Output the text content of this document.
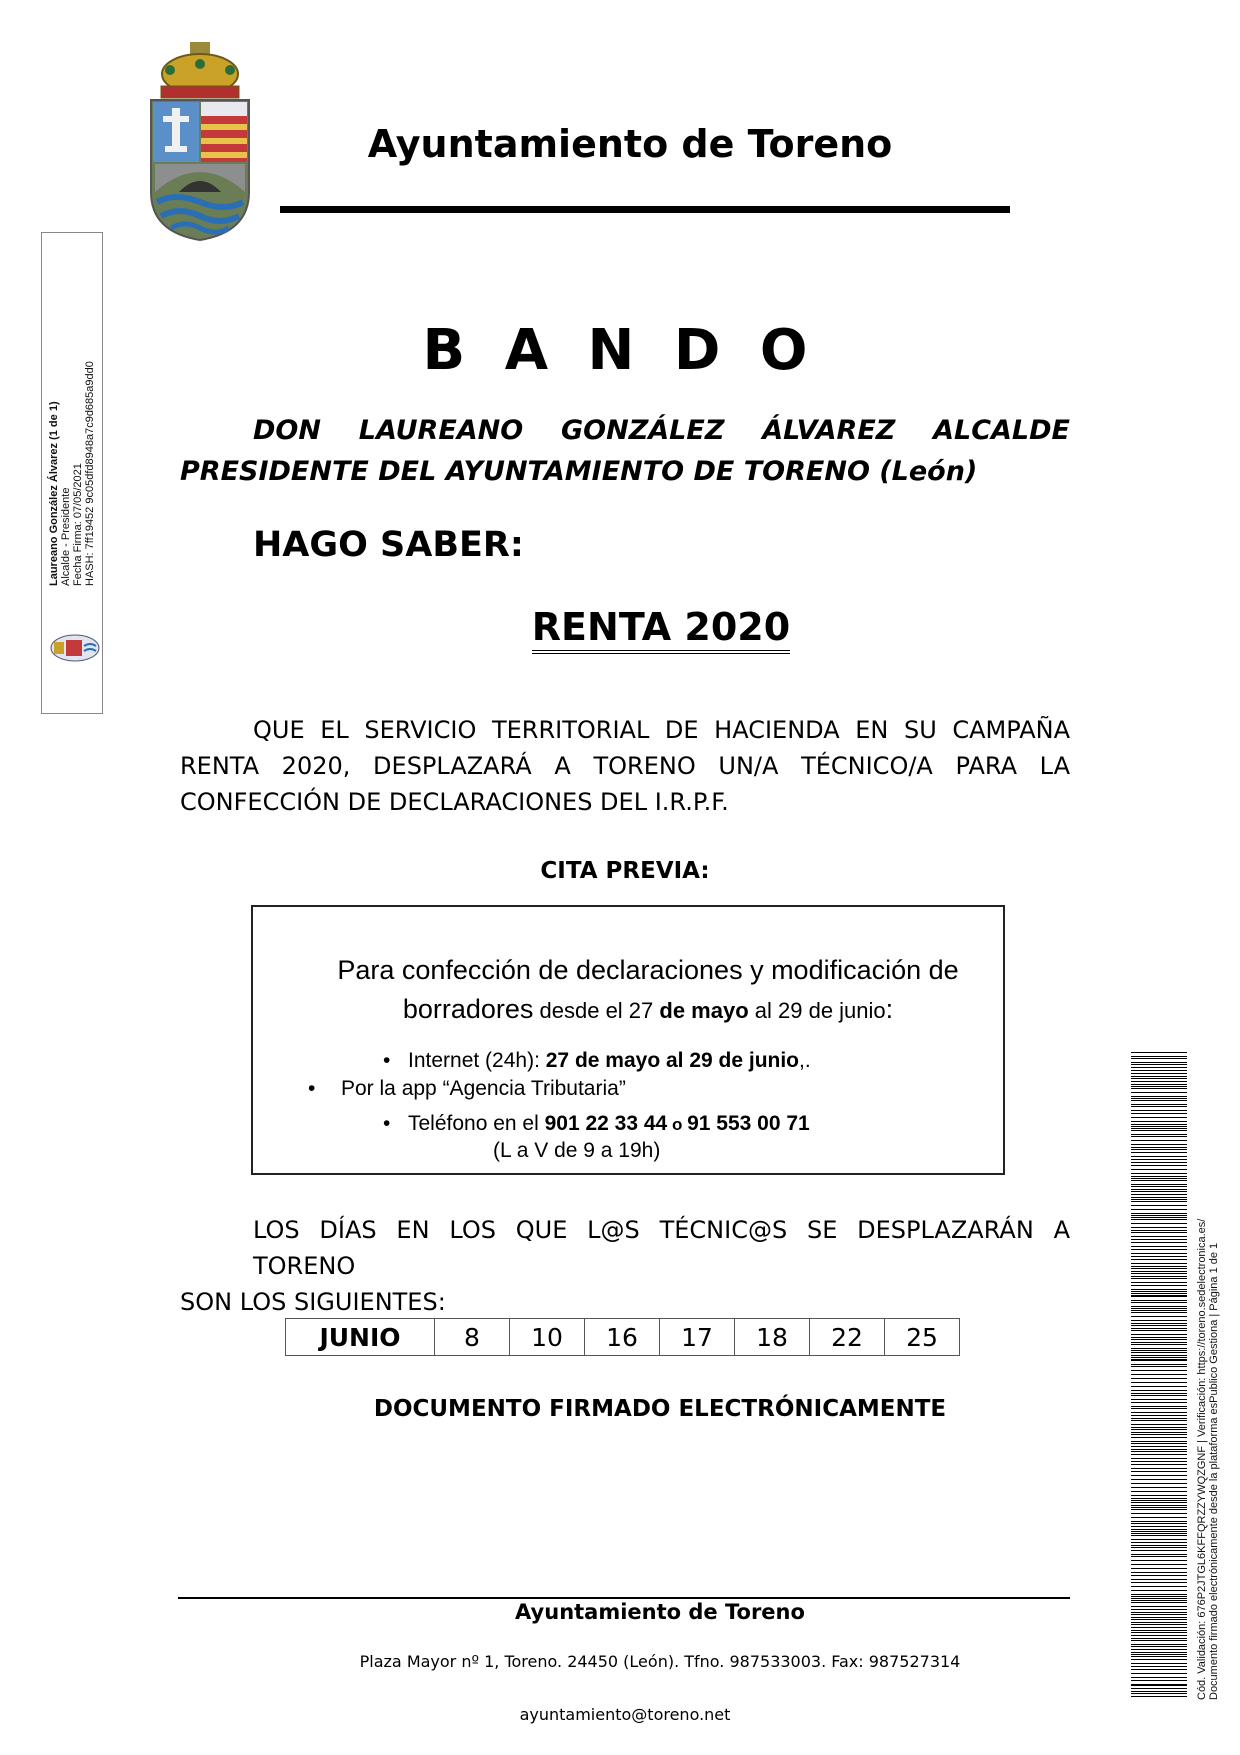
Ayuntamiento de Toreno
Laureano González Álvarez (1 de 1) Alcalde - Presidente Fecha Firma: 07/05/2021 HASH: 7ff19452 9c05dfd8948a7c9d685a9dd0
B A N D O
DON LAUREANO GONZÁLEZ ÁLVAREZ ALCALDE
PRESIDENTE DEL AYUNTAMIENTO DE TORENO (León)
HAGO SABER:
RENTA 2020
QUE EL SERVICIO TERRITORIAL DE HACIENDA EN SU CAMPAÑA
RENTA 2020, DESPLAZARÁ A TORENO UN/A TÉCNICO/A PARA LA
CONFECCIÓN DE DECLARACIONES DEL I.R.P.F.
CITA PREVIA:
Para confección de declaraciones y modificación de
borradores desde el 27 de mayo al 29 de junio:
• Internet (24h): 27 de mayo al 29 de junio,.
• Por la app “Agencia Tributaria”
• Teléfono en el 901 22 33 44 o 91 553 00 71
(L a V de 9 a 19h)
LOS DÍAS EN LOS QUE L@S TÉCNIC@S SE DESPLAZARÁN A TORENO
SON LOS SIGUIENTES:
JUNIO	8	10	16	17	18	22	25
DOCUMENTO FIRMADO ELECTRÓNICAMENTE	Cód. Validación: 676P2JTGL6KFFQRZZYWQZGNF | Verificación: https://toreno.sedelectronica.es/ Documento firmado electrónicamente desde la plataforma esPublico Gestiona | Página 1 de 1
Ayuntamiento de Toreno
Plaza Mayor nº 1, Toreno. 24450 (León). Tfno. 987533003. Fax: 987527314
ayuntamiento@toreno.net
